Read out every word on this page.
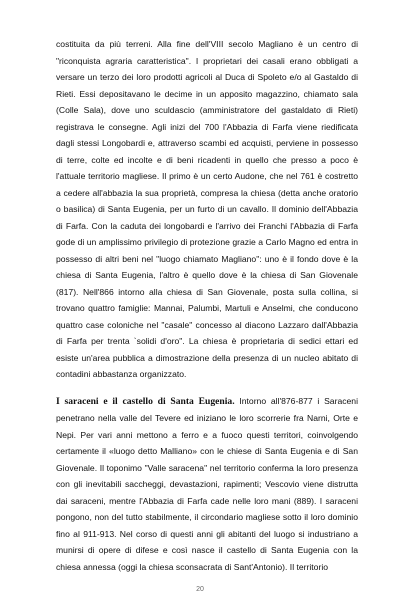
costituita da più terreni. Alla fine dell'VIII secolo Magliano è un centro di "riconquista agraria caratteristica". I proprietari dei casali erano obbligati a versare un terzo dei loro prodotti agricoli al Duca di Spoleto e/o al Gastaldo di Rieti. Essi depositavano le decime in un apposito magazzino, chiamato sala (Colle Sala), dove uno sculdascio (amministratore del gastaldato di Rieti) registrava le consegne. Agli inizi del 700 l'Abbazia di Farfa viene riedificata dagli stessi Longobardi e, attraverso scambi ed acquisti, perviene in possesso di terre, colte ed incolte e di beni ricadenti in quello che presso a poco è l'attuale territorio magliese. Il primo è un certo Audone, che nel 761 è costretto a cedere all'abbazia la sua proprietà, compresa la chiesa (detta anche oratorio o basilica) di Santa Eugenia, per un furto di un cavallo. Il dominio dell'Abbazia di Farfa. Con la caduta dei longobardi e l'arrivo dei Franchi l'Abbazia di Farfa gode di un amplissimo privilegio di protezione grazie a Carlo Magno ed entra in possesso di altri beni nel "luogo chiamato Magliano": uno è il fondo dove è la chiesa di Santa Eugenia, l'altro è quello dove è la chiesa di San Giovenale (817). Nell'866 intorno alla chiesa di San Giovenale, posta sulla collina, si trovano quattro famiglie: Mannai, Palumbi, Martuli e Anselmi, che conducono quattro case coloniche nel "casale" concesso al diacono Lazzaro dall'Abbazia di Farfa per trenta `solidi d'oro". La chiesa è proprietaria di sedici ettari ed esiste un'area pubblica a dimostrazione della presenza di un nucleo abitato di contadini abbastanza organizzato.

I saraceni e il castello di Santa Eugenia. Intorno all'876-877 i Saraceni penetrano nella valle del Tevere ed iniziano le loro scorrerie fra Narni, Orte e Nepi. Per vari anni mettono a ferro e a fuoco questi territori, coinvolgendo certamente il «luogo detto Malliano» con le chiese di Santa Eugenia e di San Giovenale. Il toponimo "Valle saracena" nel territorio conferma la loro presenza con gli inevitabili saccheggi, devastazioni, rapimenti; Vescovio viene distrutta dai saraceni, mentre l'Abbazia di Farfa cade nelle loro mani (889). I saraceni pongono, non del tutto stabilmente, il circondario magliese sotto il loro dominio fino al 911-913. Nel corso di questi anni gli abitanti del luogo si industriano a munirsi di opere di difese e così nasce il castello di Santa Eugenia con la chiesa annessa (oggi la chiesa sconsacrata di Sant'Antonio). Il territorio

20
